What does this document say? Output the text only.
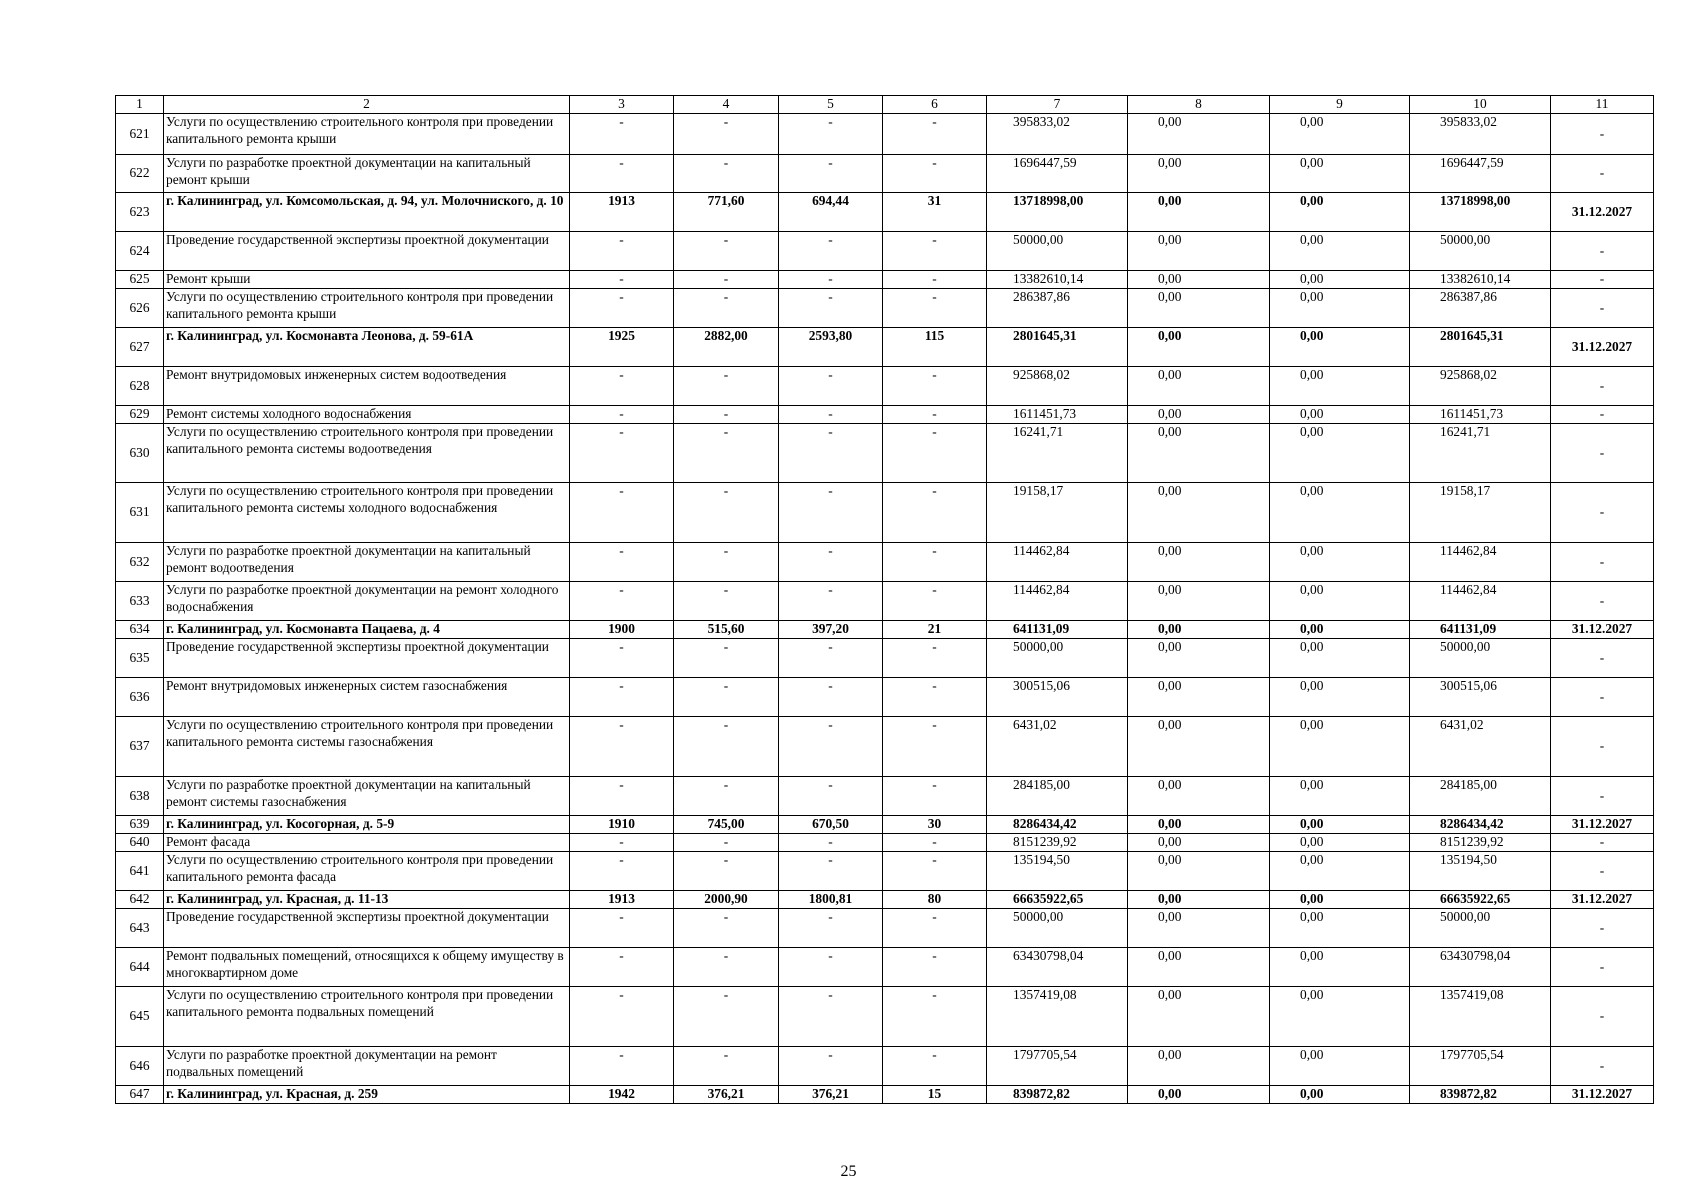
1	2	3	4	5	6	7	8	9	10	11
621	Услуги по осуществлению строительного контроля при проведении капитального ремонта крыши	-	-	-	-	395833,02	0,00	0,00	395833,02	-
622	Услуги по разработке проектной документации на капитальный ремонт крыши	-	-	-	-	1696447,59	0,00	0,00	1696447,59	-
623	г. Калининград, ул. Комсомольская, д. 94, ул. Молочниского, д. 10	1913	771,60	694,44	31	13718998,00	0,00	0,00	13718998,00	31.12.2027
624	Проведение государственной экспертизы проектной документации	-	-	-	-	50000,00	0,00	0,00	50000,00	-
625	Ремонт крыши	-	-	-	-	13382610,14	0,00	0,00	13382610,14	-
626	Услуги по осуществлению строительного контроля при проведении капитального ремонта крыши	-	-	-	-	286387,86	0,00	0,00	286387,86	-
627	г. Калининград, ул. Космонавта Леонова, д. 59-61А	1925	2882,00	2593,80	115	2801645,31	0,00	0,00	2801645,31	31.12.2027
628	Ремонт внутридомовых инженерных систем водоотведения	-	-	-	-	925868,02	0,00	0,00	925868,02	-
629	Ремонт системы холодного водоснабжения	-	-	-	-	1611451,73	0,00	0,00	1611451,73	-
630	Услуги по осуществлению строительного контроля при проведении капитального ремонта системы водоотведения	-	-	-	-	16241,71	0,00	0,00	16241,71	-
631	Услуги по осуществлению строительного контроля при проведении капитального ремонта системы холодного водоснабжения	-	-	-	-	19158,17	0,00	0,00	19158,17	-
632	Услуги по разработке проектной документации на капитальный ремонт водоотведения	-	-	-	-	114462,84	0,00	0,00	114462,84	-
633	Услуги по разработке проектной документации на ремонт холодного водоснабжения	-	-	-	-	114462,84	0,00	0,00	114462,84	-
634	г. Калининград, ул. Космонавта Пацаева, д. 4	1900	515,60	397,20	21	641131,09	0,00	0,00	641131,09	31.12.2027
635	Проведение государственной экспертизы проектной документации	-	-	-	-	50000,00	0,00	0,00	50000,00	-
636	Ремонт внутридомовых инженерных систем газоснабжения	-	-	-	-	300515,06	0,00	0,00	300515,06	-
637	Услуги по осуществлению строительного контроля при проведении капитального ремонта системы газоснабжения	-	-	-	-	6431,02	0,00	0,00	6431,02	-
638	Услуги по разработке проектной документации на капитальный ремонт системы газоснабжения	-	-	-	-	284185,00	0,00	0,00	284185,00	-
639	г. Калининград, ул. Косогорная, д. 5-9	1910	745,00	670,50	30	8286434,42	0,00	0,00	8286434,42	31.12.2027
640	Ремонт фасада	-	-	-	-	8151239,92	0,00	0,00	8151239,92	-
641	Услуги по осуществлению строительного контроля при проведении капитального ремонта фасада	-	-	-	-	135194,50	0,00	0,00	135194,50	-
642	г. Калининград, ул. Красная, д. 11-13	1913	2000,90	1800,81	80	66635922,65	0,00	0,00	66635922,65	31.12.2027
643	Проведение государственной экспертизы проектной документации	-	-	-	-	50000,00	0,00	0,00	50000,00	-
644	Ремонт подвальных помещений, относящихся к общему имуществу в многоквартирном доме	-	-	-	-	63430798,04	0,00	0,00	63430798,04	-
645	Услуги по осуществлению строительного контроля при проведении капитального ремонта подвальных помещений	-	-	-	-	1357419,08	0,00	0,00	1357419,08	-
646	Услуги по разработке проектной документации на ремонт подвальных помещений	-	-	-	-	1797705,54	0,00	0,00	1797705,54	-
647	г. Калининград, ул. Красная, д. 259	1942	376,21	376,21	15	839872,82	0,00	0,00	839872,82	31.12.2027
25
